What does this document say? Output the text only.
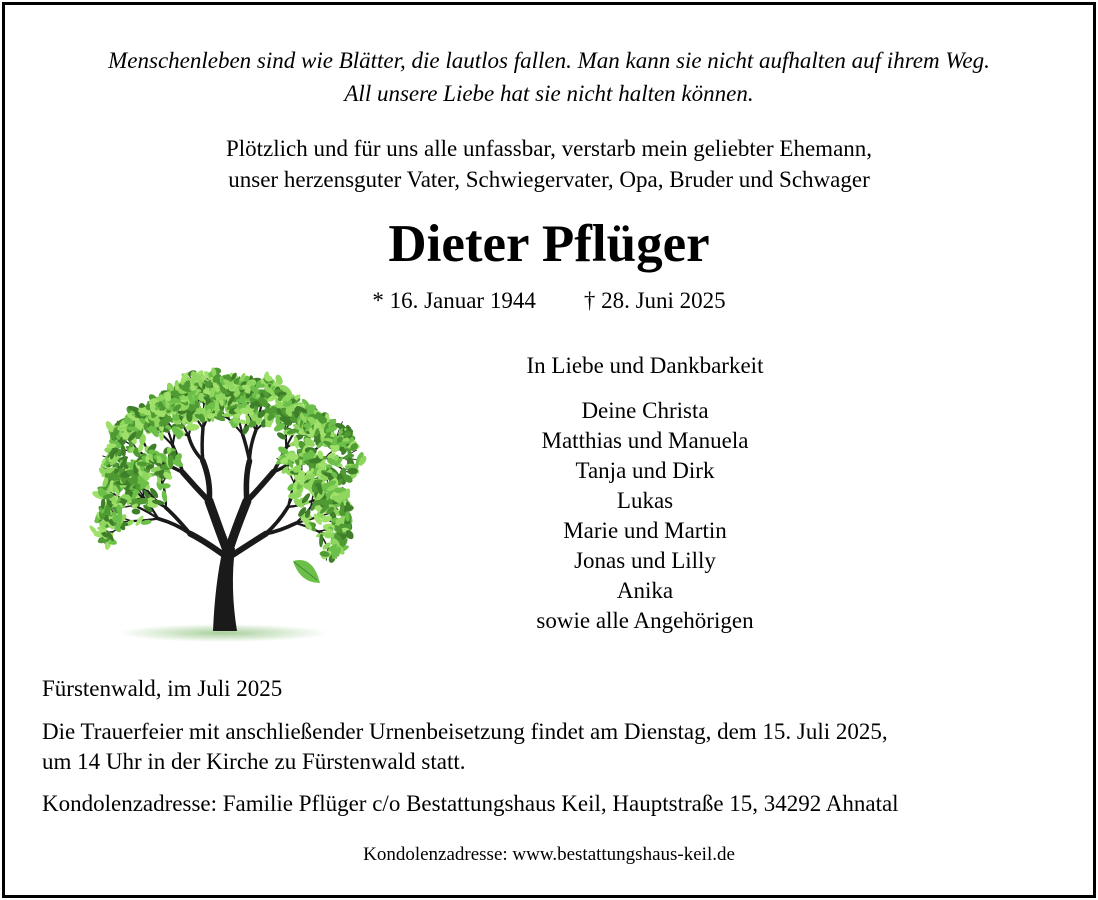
Menschenleben sind wie Blätter, die lautlos fallen. Man kann sie nicht aufhalten auf ihrem Weg.
All unsere Liebe hat sie nicht halten können.
Plötzlich und für uns alle unfassbar, verstarb mein geliebter Ehemann,
unser herzensguter Vater, Schwiegervater, Opa, Bruder und Schwager
Dieter Pflüger
* 16. Januar 1944 † 28. Juni 2025
In Liebe und Dankbarkeit
Deine Christa
Matthias und Manuela
Tanja und Dirk
Lukas
Marie und Martin
Jonas und Lilly
Anika
sowie alle Angehörigen
Fürstenwald, im Juli 2025
Die Trauerfeier mit anschließender Urnenbeisetzung findet am Dienstag, dem 15. Juli 2025,
um 14 Uhr in der Kirche zu Fürstenwald statt.
Kondolenzadresse: Familie Pflüger c/o Bestattungshaus Keil, Hauptstraße 15, 34292 Ahnatal
Kondolenzadresse: www.bestattungshaus-keil.de
